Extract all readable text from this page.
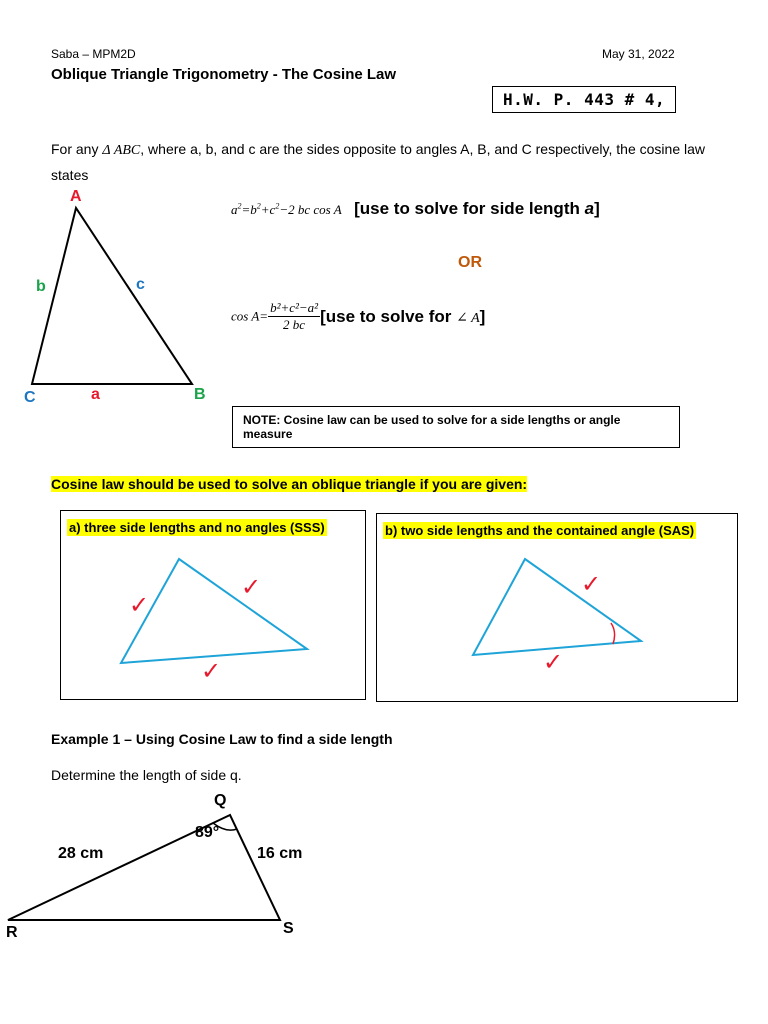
Saba – MPM2D	May 31, 2022
Oblique Triangle Trigonometry - The Cosine Law
H.W. P. 443 # 4,
For any Δ ABC, where a, b, and c are the sides opposite to angles A, B, and C respectively, the cosine law states
A
B
C	a
b	c
$a^2=b^2+c^2-2$ bc cos A [use to solve for side length a]
OR
$\cos A= \frac{\text{b²+c²−a²}}{2 bc} [use$ to solve for ∠ A]
NOTE: Cosine law can be used to solve for a side lengths or angle measure
Cosine law should be used to solve an oblique triangle if you are given:
a) three side lengths and no angles (SSS)
✓
✓
✓
b) two side lengths and the contained angle (SAS)
✓
✓
Example 1 – Using Cosine Law to find a side length
Determine the length of side q.
Q
R	S
89°
28 cm	16 cm
